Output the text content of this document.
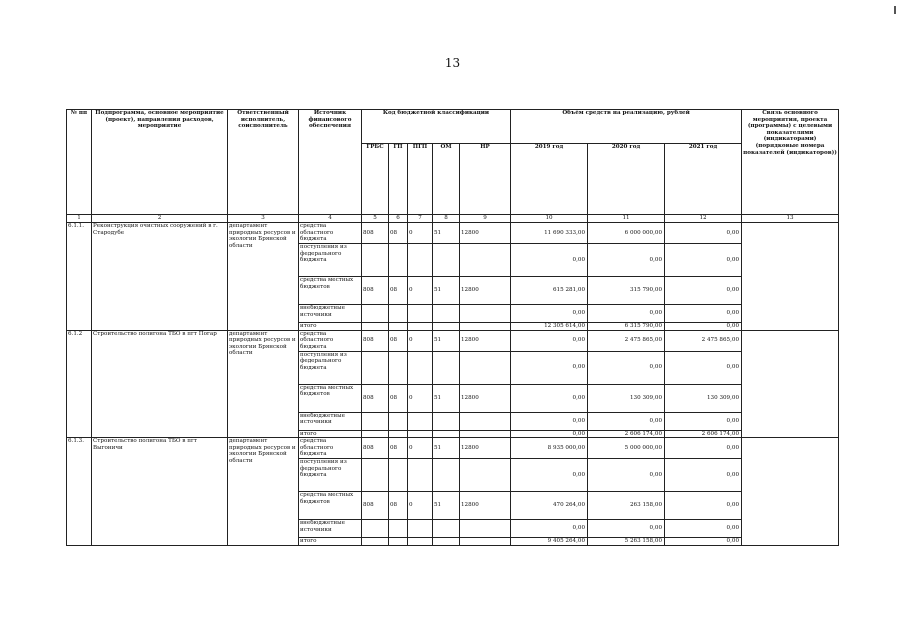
13
№ пп	Подпрограмма, основное мероприятие (проект), направления расходов, мероприятие	Ответственный исполнитель, соисполнитель	Источник финансового обеспечения	Код бюджетной классификации					Объём средств на реализацию, рублей			Связь основного мероприятия, проекта (программы) с целевыми показателями (индикаторами) (порядковые номера показателей (индикаторов))
				ГРБС	ГП	ПГП	ОМ	НР	2019 год	2020 год	2021 год	
1	2	3	4	5	6	7	8	9	10	11	12	13
6.1.1.	Реконструкция очистных сооружений в г. Стародубе	департамент природных ресурсов и экологии Брянской области	средства областного бюджета	808	08	0	51	12800	11 690 333,00	6 000 000,00	0,00	
			поступления из федерального бюджета						0,00	0,00	0,00	
			средства местных бюджетов	808	08	0	51	12800	615 281,00	315 790,00	0,00	
			внебюджетные источники						0,00	0,00	0,00	
			итого						12 305 614,00	6 315 790,00	0,00	
6.1.2	Строительство полигона ТБО в пгт Погар	департамент природных ресурсов и экологии Брянской области	средства областного бюджета	808	08	0	51	12800	0,00	2 475 865,00	2 475 865,00	
			поступления из федерального бюджета						0,00	0,00	0,00	
			средства местных бюджетов	808	08	0	51	12800	0,00	130 309,00	130 309,00	
			внебюджетные источники						0,00	0,00	0,00	
			итого						0,00	2 606 174,00	2 606 174,00	
6.1.3.	Строительство полигона ТБО в пгт Выгоничи	департамент природных ресурсов и экологии Брянской области	средства областного бюджета	808	08	0	51	12800	8 935 000,00	5 000 000,00	0,00	
			поступления из федерального бюджета						0,00	0,00	0,00	
			средства местных бюджетов	808	08	0	51	12800	470 264,00	263 158,00	0,00	
			внебюджетные источники						0,00	0,00	0,00	
			итого						9 405 264,00	5 263 158,00	0,00	
